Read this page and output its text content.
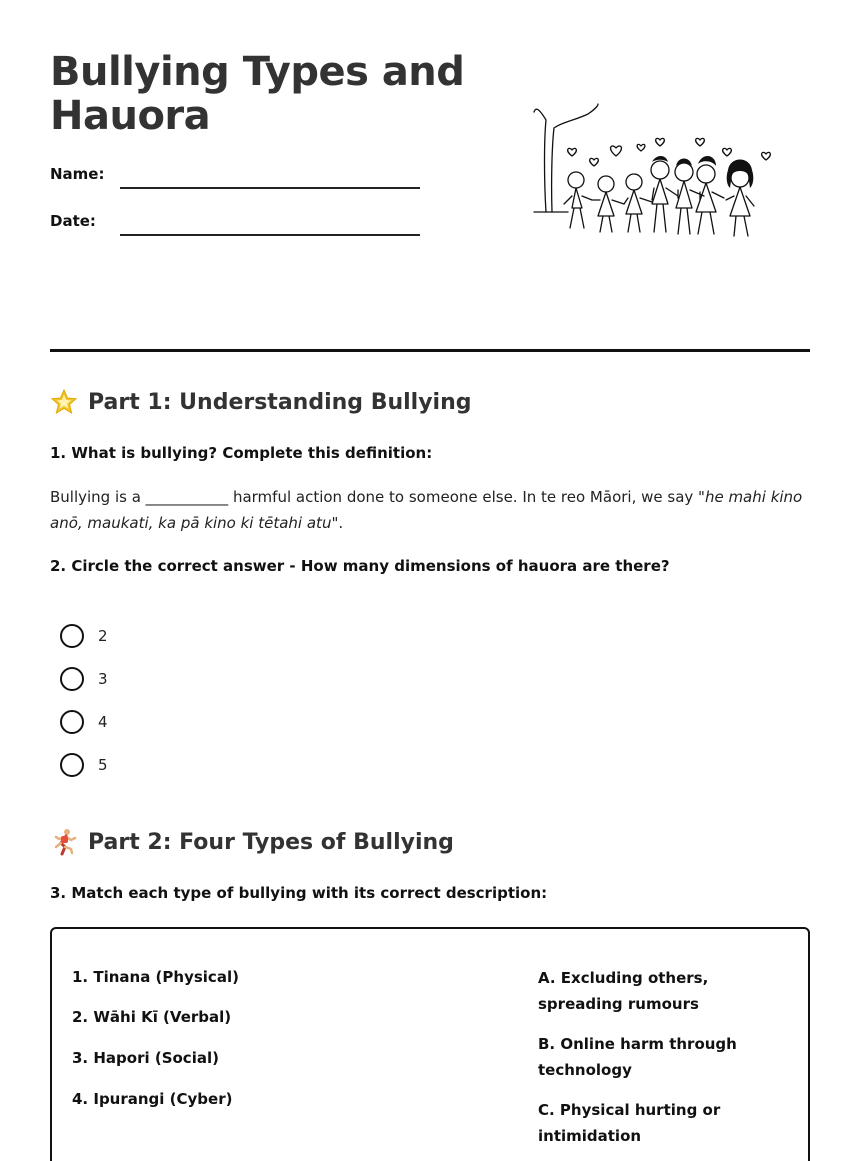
Bullying Types and Hauora
Name:
Date:
Part 1: Understanding Bullying
1. What is bullying? Complete this definition:

Bullying is a ___________ harmful action done to someone else. In te reo Māori, we say "he mahi kino anō, maukati, ka pā kino ki tētahi atu".

2. Circle the correct answer - How many dimensions of hauora are there?
2
3
4
5
Part 2: Four Types of Bullying
3. Match each type of bullying with its correct description:
1. Tinana (Physical)
2. Wāhi Kī (Verbal)
3. Hapori (Social)
4. Ipurangi (Cyber)
A. Excluding others, spreading rumours
B. Online harm through technology
C. Physical hurting or intimidation
